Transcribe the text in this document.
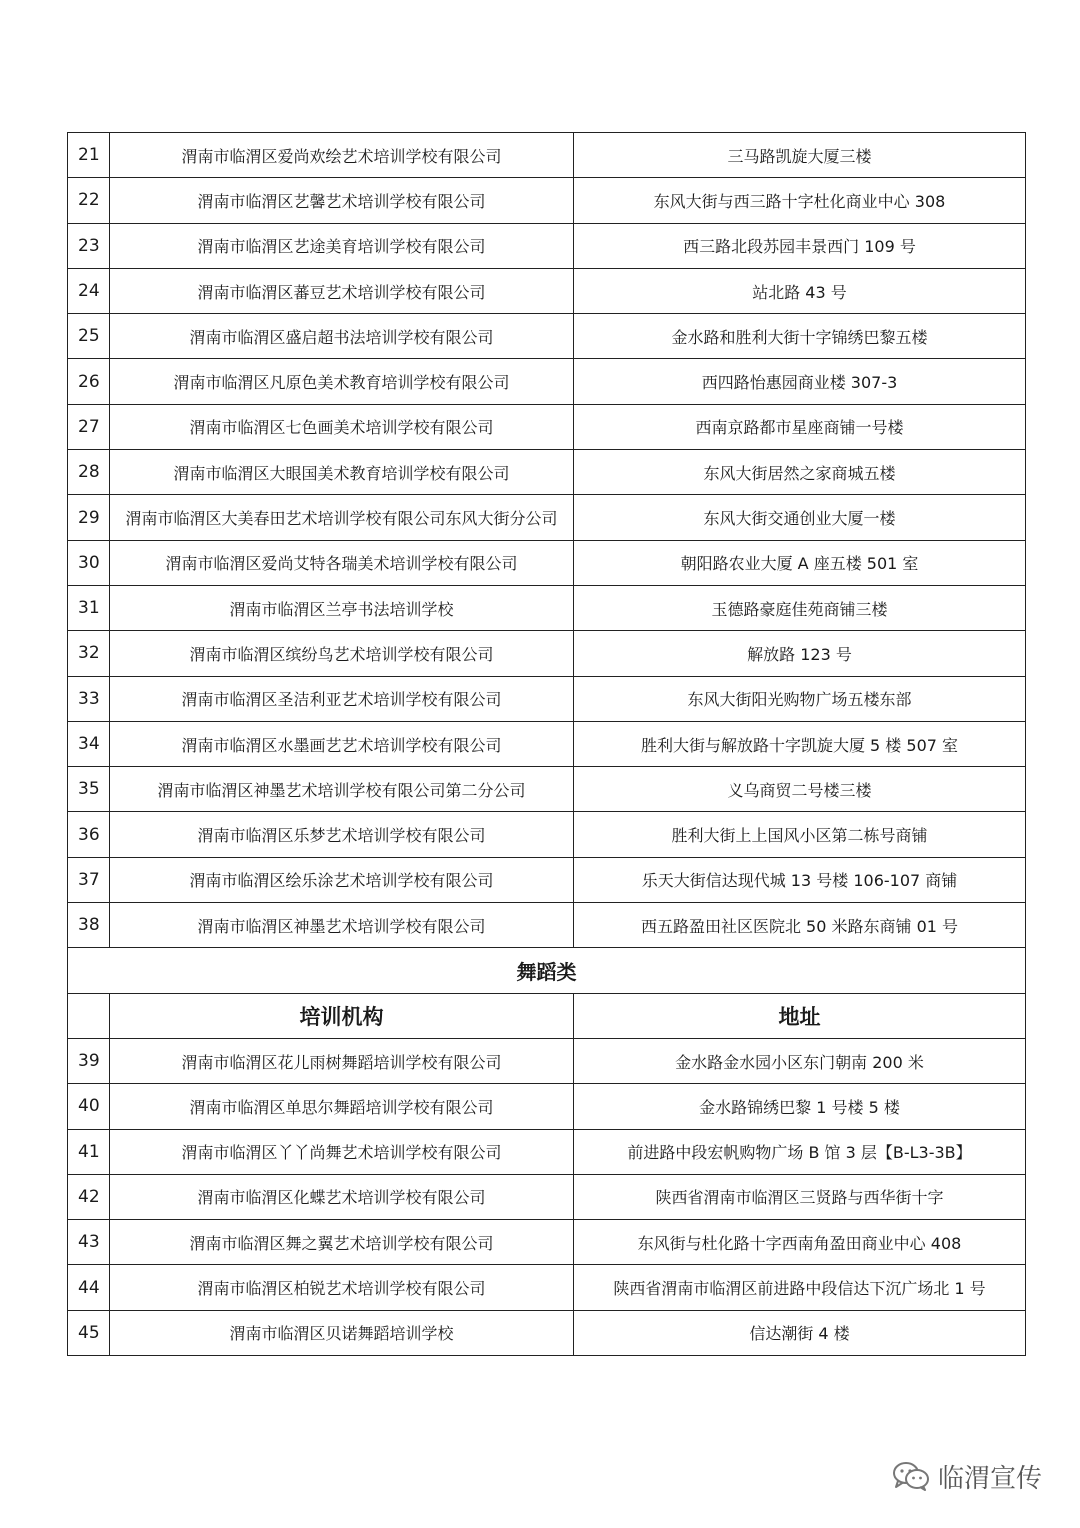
21	渭南市临渭区爱尚欢绘艺术培训学校有限公司	三马路凯旋大厦三楼
22	渭南市临渭区艺馨艺术培训学校有限公司	东风大街与西三路十字杜化商业中心 308
23	渭南市临渭区艺途美育培训学校有限公司	西三路北段苏园丰景西门 109 号
24	渭南市临渭区蕃豆艺术培训学校有限公司	站北路 43 号
25	渭南市临渭区盛启超书法培训学校有限公司	金水路和胜利大街十字锦绣巴黎五楼
26	渭南市临渭区凡原色美术教育培训学校有限公司	西四路怡惠园商业楼 307-3
27	渭南市临渭区七色画美术培训学校有限公司	西南京路都市星座商铺一号楼
28	渭南市临渭区大眼国美术教育培训学校有限公司	东风大街居然之家商城五楼
29	渭南市临渭区大美春田艺术培训学校有限公司东风大街分公司	东风大街交通创业大厦一楼
30	渭南市临渭区爱尚艾特各瑞美术培训学校有限公司	朝阳路农业大厦 A 座五楼 501 室
31	渭南市临渭区兰亭书法培训学校	玉德路豪庭佳苑商铺三楼
32	渭南市临渭区缤纷鸟艺术培训学校有限公司	解放路 123 号
33	渭南市临渭区圣洁利亚艺术培训学校有限公司	东风大街阳光购物广场五楼东部
34	渭南市临渭区水墨画艺艺术培训学校有限公司	胜利大街与解放路十字凯旋大厦 5 楼 507 室
35	渭南市临渭区神墨艺术培训学校有限公司第二分公司	义乌商贸二号楼三楼
36	渭南市临渭区乐梦艺术培训学校有限公司	胜利大街上上国风小区第二栋号商铺
37	渭南市临渭区绘乐涂艺术培训学校有限公司	乐天大街信达现代城 13 号楼 106-107 商铺
38	渭南市临渭区神墨艺术培训学校有限公司	西五路盈田社区医院北 50 米路东商铺 01 号
舞蹈类		
	培训机构	地址
39	渭南市临渭区花儿雨树舞蹈培训学校有限公司	金水路金水园小区东门朝南 200 米
40	渭南市临渭区单思尔舞蹈培训学校有限公司	金水路锦绣巴黎 1 号楼 5 楼
41	渭南市临渭区丫丫尚舞艺术培训学校有限公司	前进路中段宏帆购物广场 B 馆 3 层【B-L3-3B】
42	渭南市临渭区化蝶艺术培训学校有限公司	陕西省渭南市临渭区三贤路与西华街十字
43	渭南市临渭区舞之翼艺术培训学校有限公司	东风街与杜化路十字西南角盈田商业中心 408
44	渭南市临渭区柏锐艺术培训学校有限公司	陕西省渭南市临渭区前进路中段信达下沉广场北 1 号
45	渭南市临渭区贝诺舞蹈培训学校	信达潮街 4 楼
临渭宣传
